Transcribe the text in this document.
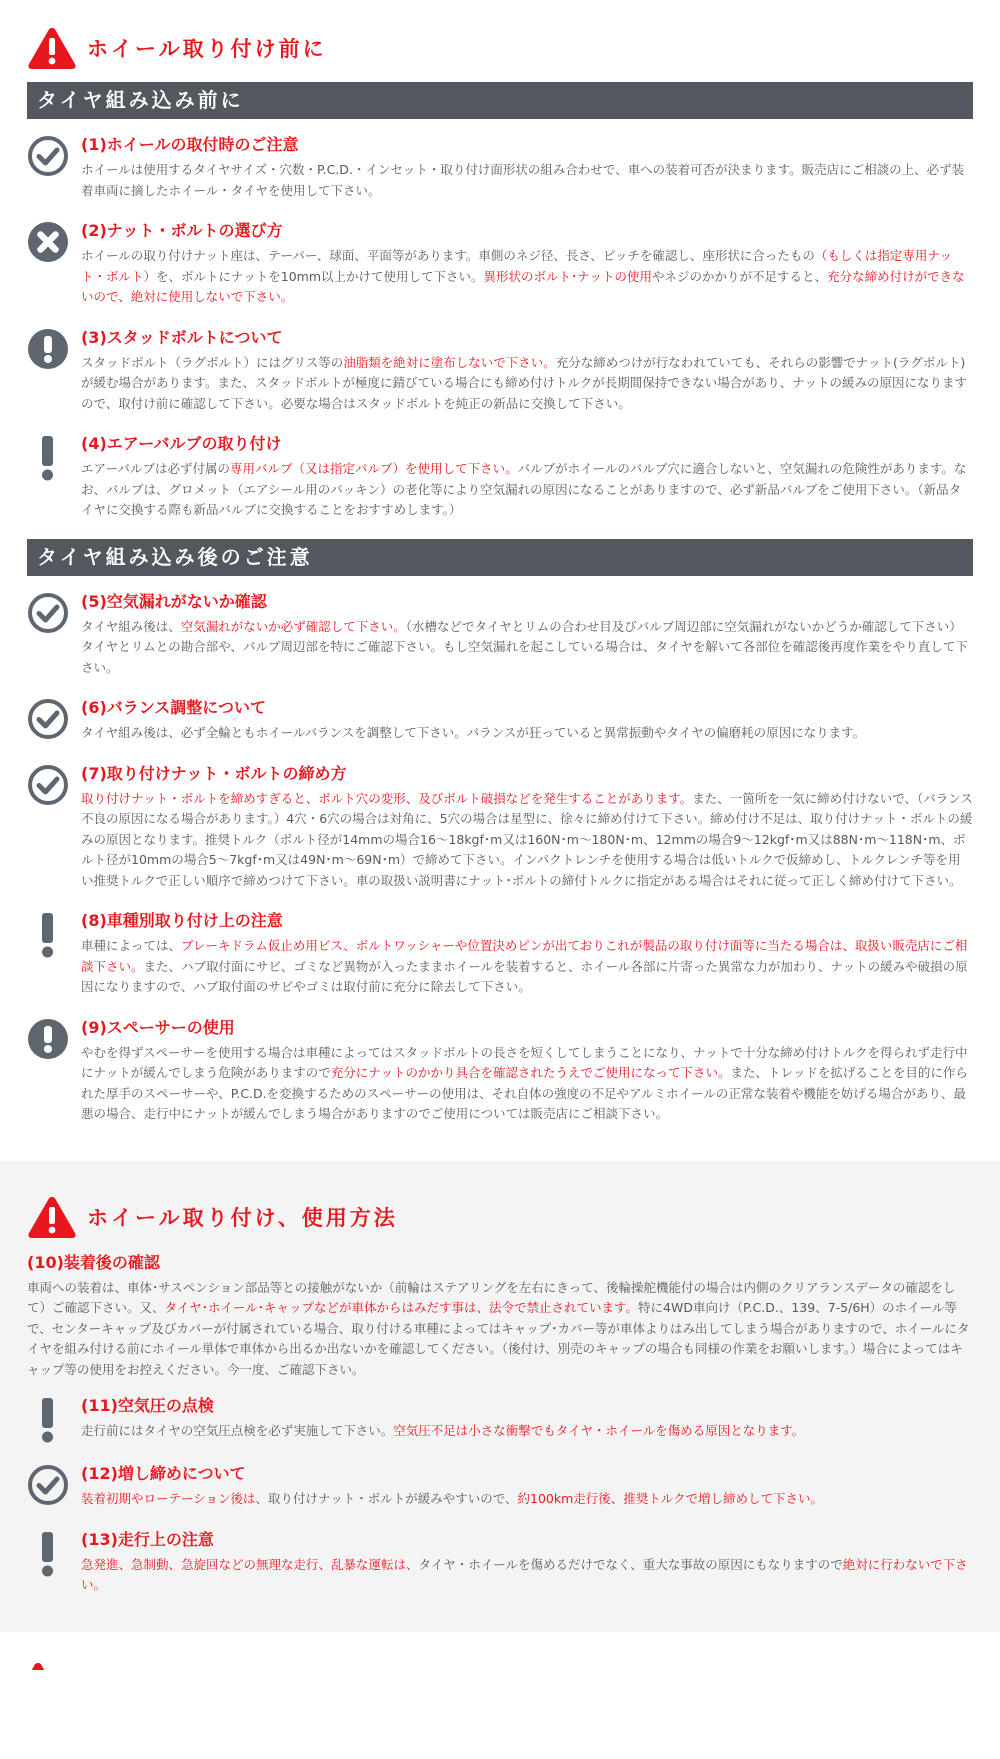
ホイール取り付け前に
タイヤ組み込み前に
(1)ホイールの取付時のご注意
ホイールは使用するタイヤサイズ・穴数・P.C.D.・インセット・取り付け面形状の組み合わせで、車への装着可否が決まります。販売店にご相談の上、必ず装着車両に摘したホイール・タイヤを使用して下さい。
(2)ナット・ボルトの選び方
ホイールの取り付けナット座は、テーパー、球面、平面等があります。車側のネジ径、長さ、ピッチを確認し、座形状に合ったもの（もしくは指定専用ナット・ボルト）を、ボルトにナットを10mm以上かけて使用して下さい。異形状のボルト･ナットの使用やネジのかかりが不足すると、充分な締め付けができないので、絶対に使用しないで下さい。
(3)スタッドボルトについて
スタッドボルト（ラグボルト）にはグリス等の油脂類を絶対に塗布しないで下さい。充分な締めつけが行なわれていても、それらの影響でナット(ラグボルト)が緩む場合があります。また、スタッドボルトが極度に錆びている場合にも締め付けトルクが長期間保持できない場合があり、ナットの緩みの原因になりますので、取付け前に確認して下さい。必要な場合はスタッドボルトを純正の新品に交換して下さい。
(4)エアーバルブの取り付け
エアーバルブは必ず付属の専用バルブ（又は指定バルブ）を使用して下さい。バルブがホイールのバルブ穴に適合しないと、空気漏れの危険性があります。なお、バルブは、グロメット（エアシール用のパッキン）の老化等により空気漏れの原因になることがありますので、必ず新品バルブをご使用下さい。（新品タイヤに交換する際も新品バルブに交換することをおすすめします。）
タイヤ組み込み後のご注意
(5)空気漏れがないか確認
タイヤ組み後は、空気漏れがないか必ず確認して下さい。（水槽などでタイヤとリムの合わせ目及びバルブ周辺部に空気漏れがないかどうか確認して下さい）タイヤとリムとの勘合部や、バルブ周辺部を特にご確認下さい。もし空気漏れを起こしている場合は、タイヤを解いて各部位を確認後再度作業をやり直して下さい。
(6)バランス調整について
タイヤ組み後は、必ず全輪ともホイールバランスを調整して下さい。バランスが狂っていると異常振動やタイヤの偏磨耗の原因になります。
(7)取り付けナット・ボルトの締め方
取り付けナット・ボルトを締めすぎると、ボルト穴の変形、及びボルト破損などを発生することがあります。また、一箇所を一気に締め付けないで、（バランス不良の原因になる場合があります。）4穴・6穴の場合は対角に、5穴の場合は星型に、徐々に締め付けて下さい。締め付け不足は、取り付けナット・ボルトの緩みの原因となります。推奨トルク（ボルト径が14mmの場合16～18kgf･m又は160N･m～180N･m、12mmの場合9～12kgf･m又は88N･m～118N･m、ボルト径が10mmの場合5～7kgf･m又は49N･m～69N･m）で締めて下さい。インパクトレンチを使用する場合は低いトルクで仮締めし、トルクレンチ等を用い推奨トルクで正しい順序で締めつけて下さい。車の取扱い説明書にナット･ボルトの締付トルクに指定がある場合はそれに従って正しく締め付けて下さい。
(8)車種別取り付け上の注意
車種によっては、ブレーキドラム仮止め用ビス、ボルトワッシャーや位置決めピンが出ておりこれが製品の取り付け面等に当たる場合は、取扱い販売店にご相談下さい。また、ハブ取付面にサビ、ゴミなど異物が入ったままホイールを装着すると、ホイール各部に片寄った異常な力が加わり、ナットの緩みや破損の原因になりますので、ハブ取付面のサビやゴミは取付前に充分に除去して下さい。
(9)スペーサーの使用
やむを得ずスペーサーを使用する場合は車種によってはスタッドボルトの長さを短くしてしまうことになり、ナットで十分な締め付けトルクを得られず走行中にナットが緩んでしまう危険がありますので充分にナットのかかり具合を確認されたうえでご使用になって下さい。また、トレッドを拡げることを目的に作られた厚手のスペーサーや、P.C.D.を変換するためのスペーサーの使用は、それ自体の強度の不足やアルミホイールの正常な装着や機能を妨げる場合があり、最悪の場合、走行中にナットが緩んでしまう場合がありますのでご使用については販売店にご相談下さい。
ホイール取り付け、使用方法
(10)装着後の確認
車両への装着は、車体･サスペンション部品等との接触がないか（前輪はステアリングを左右にきって、後輪操舵機能付の場合は内側のクリアランスデータの確認をして）ご確認下さい。又、タイヤ･ホイール･キャップなどが車体からはみだす事は、法令で禁止されています。特に4WD車向け（P.C.D.、139、7-5/6H）のホイール等で、センターキャップ及びカバーが付属されている場合、取り付ける車種によってはキャップ･カバー等が車体よりはみ出してしまう場合がありますので、ホイールにタイヤを組み付ける前にホイール単体で車体から出るか出ないかを確認してください。（後付け、別売のキャップの場合も同様の作業をお願いします。）場合によってはキャップ等の使用をお控えください。今一度、ご確認下さい。
(11)空気圧の点検
走行前にはタイヤの空気圧点検を必ず実施して下さい。空気圧不足は小さな衝撃でもタイヤ・ホイールを傷める原因となります。
(12)増し締めについて
装着初期やローテーション後は、取り付けナット・ボルトが緩みやすいので、約100km走行後、推奨トルクで増し締めして下さい。
(13)走行上の注意
急発進、急制動、急旋回などの無理な走行、乱暴な運転は、タイヤ・ホイールを傷めるだけでなく、重大な事故の原因にもなりますので絶対に行わないで下さい。
